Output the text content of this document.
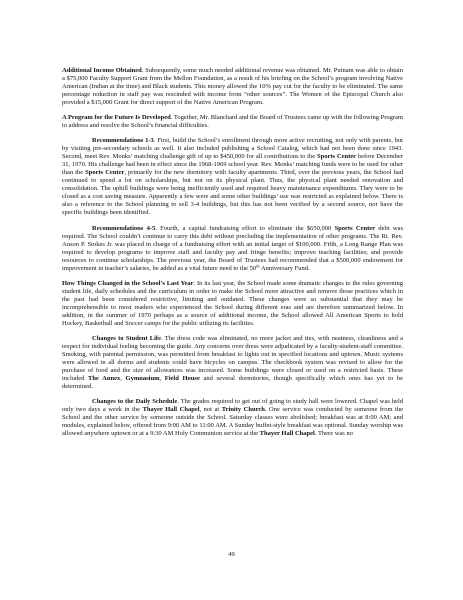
Additional Income Obtained. Subsequently, some much needed additional revenue was obtained. Mr. Putnam was able to obtain a $75,000 Faculty Support Grant from the Mellon Foundation, as a result of his briefing on the School’s program involving Native American (Indian at the time) and Black students. This money allowed the 10% pay cut for the faculty to be eliminated. The same percentage reduction in staff pay was rescinded with income from “other sources”. The Women of the Episcopal Church also provided a $15,000 Grant for direct support of the Native American Program.

A Program for the Future Is Developed. Together, Mr. Blanchard and the Board of Trustees came up with the following Program to address and resolve the School’s financial difficulties.

Recommendations 1-3. First, build the School’s enrollment through more active recruiting, not only with parents, but by visiting pre-secondary schools as well. It also included publishing a School Catalog, which had not been done since 1943. Second, meet Rev. Monks’ matching challenge gift of up to $450,000 for all contributions to the Sports Center before December 31, 1970. His challenge had been in effect since the 1968-1969 school year. Rev. Monks’ matching funds were to be used for other than the Sports Center, primarily for the new dormitory with faculty apartments. Third, over the previous years, the School had continued to spend a lot on scholarships, but not on its physical plant. Thus, the physical plant needed renovation and consolidation. The uphill buildings were being inefficiently used and required heavy maintenance expenditures. They were to be closed as a cost saving measure. Apparently a few were and some other buildings’ use was restricted as explained below. There is also a reference to the School planning to sell 3-4 buildings, but this has not been verified by a second source, nor have the specific buildings been identified.

Recommendations 4-5. Fourth, a capital fundraising effort to eliminate the $650,000 Sports Center debt was required. The School couldn’t continue to carry this debt without precluding the implementation of other programs. The Rt. Rev. Anson P. Stokes Jr. was placed in charge of a fundraising effort with an initial target of $100,000. Fifth, a Long Range Plan was required to develop programs to improve staff and faculty pay and fringe benefits; improve teaching facilities; and provide resources to continue scholarships. The previous year, the Board of Trustees had recommended that a $500,000 endowment for improvement in teacher’s salaries, be added as a vital future need to the 50th Anniversary Fund.

How Things Changed in the School’s Last Year. In its last year, the School made some dramatic changes to the rules governing student life, daily schedules and the curriculum in order to make the School more attractive and remove those practices which in the past had been considered restrictive, limiting and outdated. These changes were so substantial that they may be incomprehensible to most readers who experienced the School during different eras and are therefore summarized below. In addition, in the summer of 1970 perhaps as a source of additional income, the School allowed All American Sports to hold Hockey, Basketball and Soccer camps for the public utilizing its facilities.

Changes to Student Life. The dress code was eliminated, no more jacket and ties, with neatness, cleanliness and a respect for individual feeling becoming the guide. Any concerns over dress were adjudicated by a faculty-student-staff committee. Smoking, with parental permission, was permitted from breakfast to lights out in specified locations and uptown. Music systems were allowed in all dorms and students could have bicycles on campus. The checkbook system was revised to allow for the purchase of food and the size of allowances was increased. Some buildings were closed or used on a restricted basis. These included The Annex, Gymnasium, Field House and several dormitories, though specifically which ones has yet to be determined.

Changes to the Daily Schedule. The grades required to get out of going to study hall were lowered. Chapel was held only two days a week in the Thayer Hall Chapel, not at Trinity Church. One service was conducted by someone from the School and the other service by someone outside the School. Saturday classes were abolished; breakfast was at 8:00 AM; and modules, explained below, offered from 9:00 AM to 11:00 AM. A Sunday buffet-style breakfast was optional. Sunday worship was allowed anywhere uptown or at a 9:30 AM Holy Communion service at the Thayer Hall Chapel. There was no

49
